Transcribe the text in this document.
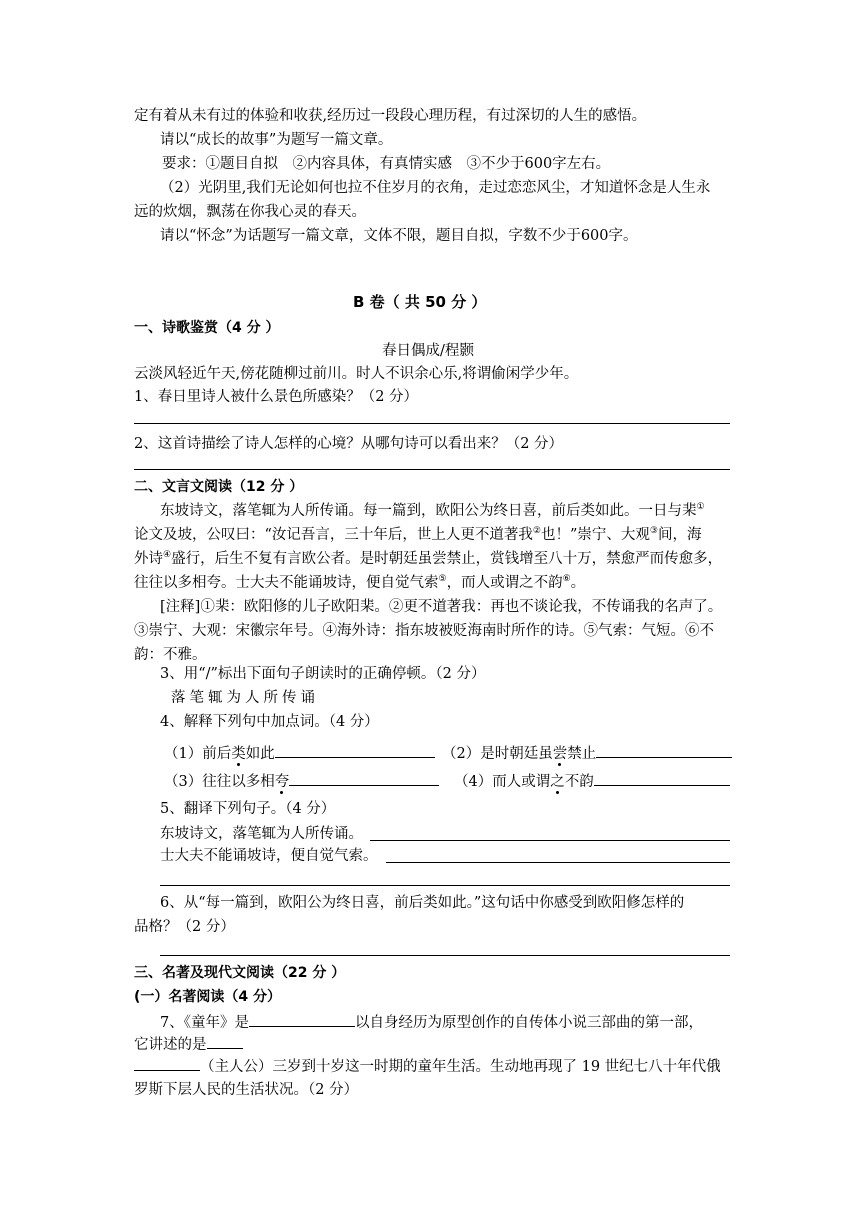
定有着从未有过的体验和收获,经历过一段段心理历程，有过深切的人生的感悟。
请以“成长的故事”为题写一篇文章。
要求：①题目自拟　②内容具体，有真情实感　③不少于600字左右。
（2）光阴里,我们无论如何也拉不住岁月的衣角，走过恋恋风尘，才知道怀念是人生永
远的炊烟，飘荡在你我心灵的春天。
请以“怀念”为话题写一篇文章，文体不限，题目自拟，字数不少于600字。
B 卷（ 共 50 分 ）
一、诗歌鉴赏（4 分 ）
春日偶成/程颢
云淡风轻近午天,傍花随柳过前川。时人不识余心乐,将谓偷闲学少年。
1、春日里诗人被什么景色所感染？（2 分）
2、这首诗描绘了诗人怎样的心境？从哪句诗可以看出来？（2 分）
二、文言文阅读（12 分 ）
东坡诗文，落笔辄为人所传诵。每一篇到，欧阳公为终日喜，前后类如此。一日与棐①
论文及坡，公叹曰：“汝记吾言，三十年后，世上人更不道著我②也！”崇宁、大观③间，海
外诗④盛行，后生不复有言欧公者。是时朝廷虽尝禁止，赏钱增至八十万，禁愈严而传愈多，
往往以多相夸。士大夫不能诵坡诗，便自觉气索⑤，而人或谓之不韵⑥。
[注释]①棐：欧阳修的儿子欧阳棐。②更不道著我：再也不谈论我，不传诵我的名声了。
③崇宁、大观：宋徽宗年号。④海外诗：指东坡被贬海南时所作的诗。⑤气索：气短。⑥不
韵：不雅。
3、用“/”标出下面句子朗读时的正确停顿。（2 分）
落笔辄为人所传诵
4、解释下列句中加点词。（4 分）
（1）前后类如此	（2）是时朝廷虽尝禁止
（3）往往以多相夸	（4）而人或谓之不韵
5、翻译下列句子。（4 分）
东坡诗文，落笔辄为人所传诵。
士大夫不能诵坡诗，便自觉气索。
6、从“每一篇到，欧阳公为终日喜，前后类如此。”这句话中你感受到欧阳修怎样的
品格？（2 分）
三、名著及现代文阅读（22 分 ）
(一）名著阅读（4 分）
7、《童年》是	以自身经历为原型创作的自传体小说三部曲的第一部，
它讲述的是
（主人公）三岁到十岁这一时期的童年生活。生动地再现了 19 世纪七八十年代俄
罗斯下层人民的生活状况。（2 分）
